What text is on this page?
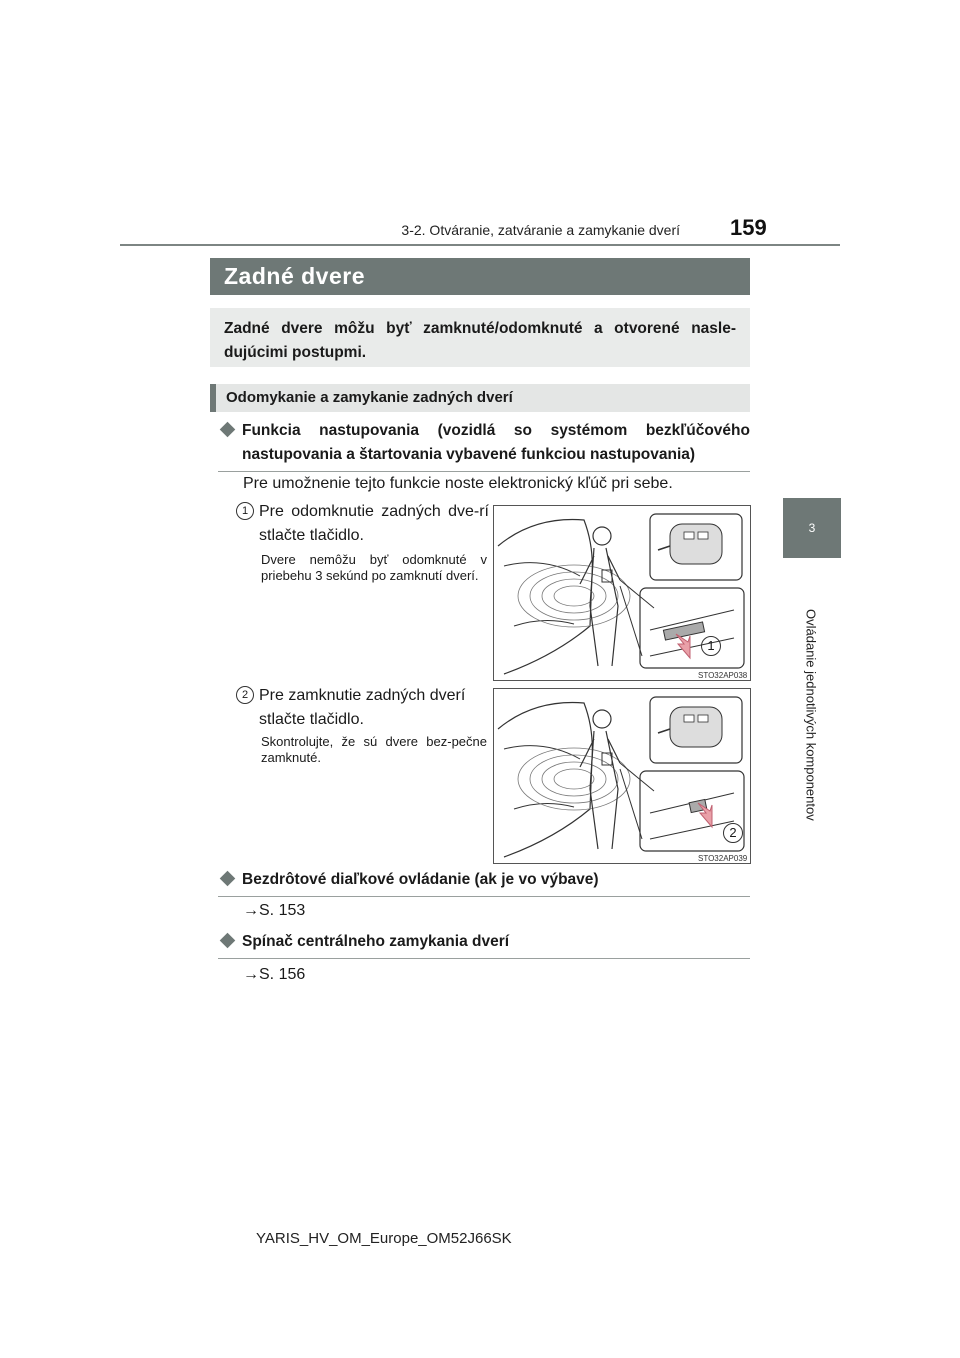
3-2. Otváranie, zatváranie a zamykanie dverí 159
3
Ovládanie jednotlivých komponentov
Zadné dvere
Zadné dvere môžu byť zamknuté/odomknuté a otvorené nasle-dujúcimi postupmi.
Odomykanie a zamykanie zadných dverí
Funkcia nastupovania (vozidlá so systémom bezkľúčového nastupovania a štartovania vybavené funkciou nastupovania)
Pre umožnenie tejto funkcie noste elektronický kľúč pri sebe.
1 Pre odomknutie zadných dve-rí stlačte tlačidlo.
Dvere nemôžu byť odomknuté v priebehu 3 sekúnd po zamknutí dverí.
1
STO32AP038
2 Pre zamknutie zadných dverí stlačte tlačidlo.
Skontrolujte, že sú dvere bez-pečne zamknuté.
2
STO32AP039
Bezdrôtové diaľkové ovládanie (ak je vo výbave)
→S. 153
Spínač centrálneho zamykania dverí
→S. 156
YARIS_HV_OM_Europe_OM52J66SK
